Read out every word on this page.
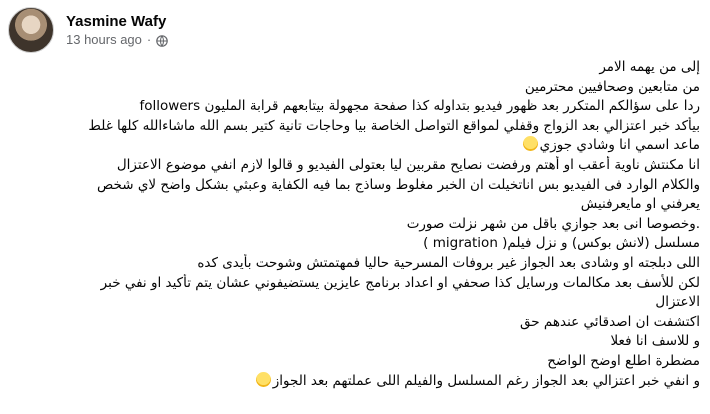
Yasmine Wafy
13 hours ago ·
إلى من يهمه الامر
من متابعين وصحافيين محترمين
ردا على سؤالكم المتكرر بعد ظهور فيديو بتداوله كذا صفحة مجهولة بيتابعهم قرابة المليون followers
بيأكد خبر اعتزالي بعد الزواج وقفلي لمواقع التواصل الخاصة بيا وحاجات تانية كتير بسم الله ماشاءالله كلها غلط
ماعد اسمي انا وشادي جوزي
انا مكنتش ناوية أعقب او أهتم ورفضت نصايح مقربين ليا بعتولى الفيديو و قالوا لازم انفي موضوع الاعتزال
والكلام الوارد فى الفيديو بس اناتخيلت ان الخبر مغلوط وساذج بما فيه الكفاية وعبثي بشكل واضح لاي شخص
يعرفني او مايعرفنيش
.وخصوصا انى بعد جوازي باقل من شهر نزلت صورت
مسلسل (لانش بوكس) و نزل فيلم( migration )
اللى دبلجته او وشادى بعد الجواز غير بروفات المسرحية حاليا فمهتمتش وشوحت بأيدى كده
لكن للأسف بعد مكالمات ورسايل كذا صحفي او اعداد برنامج عايزين يستضيفوني عشان يتم تأكيد او نفي خبر
الاعتزال
اكتشفت ان اصدقائي عندهم حق
و للاسف انا فعلا
مضطرة اطلع اوضح الواضح
و انفي خبر اعتزالي بعد الجواز رغم المسلسل والفيلم اللى عملتهم بعد الجواز
